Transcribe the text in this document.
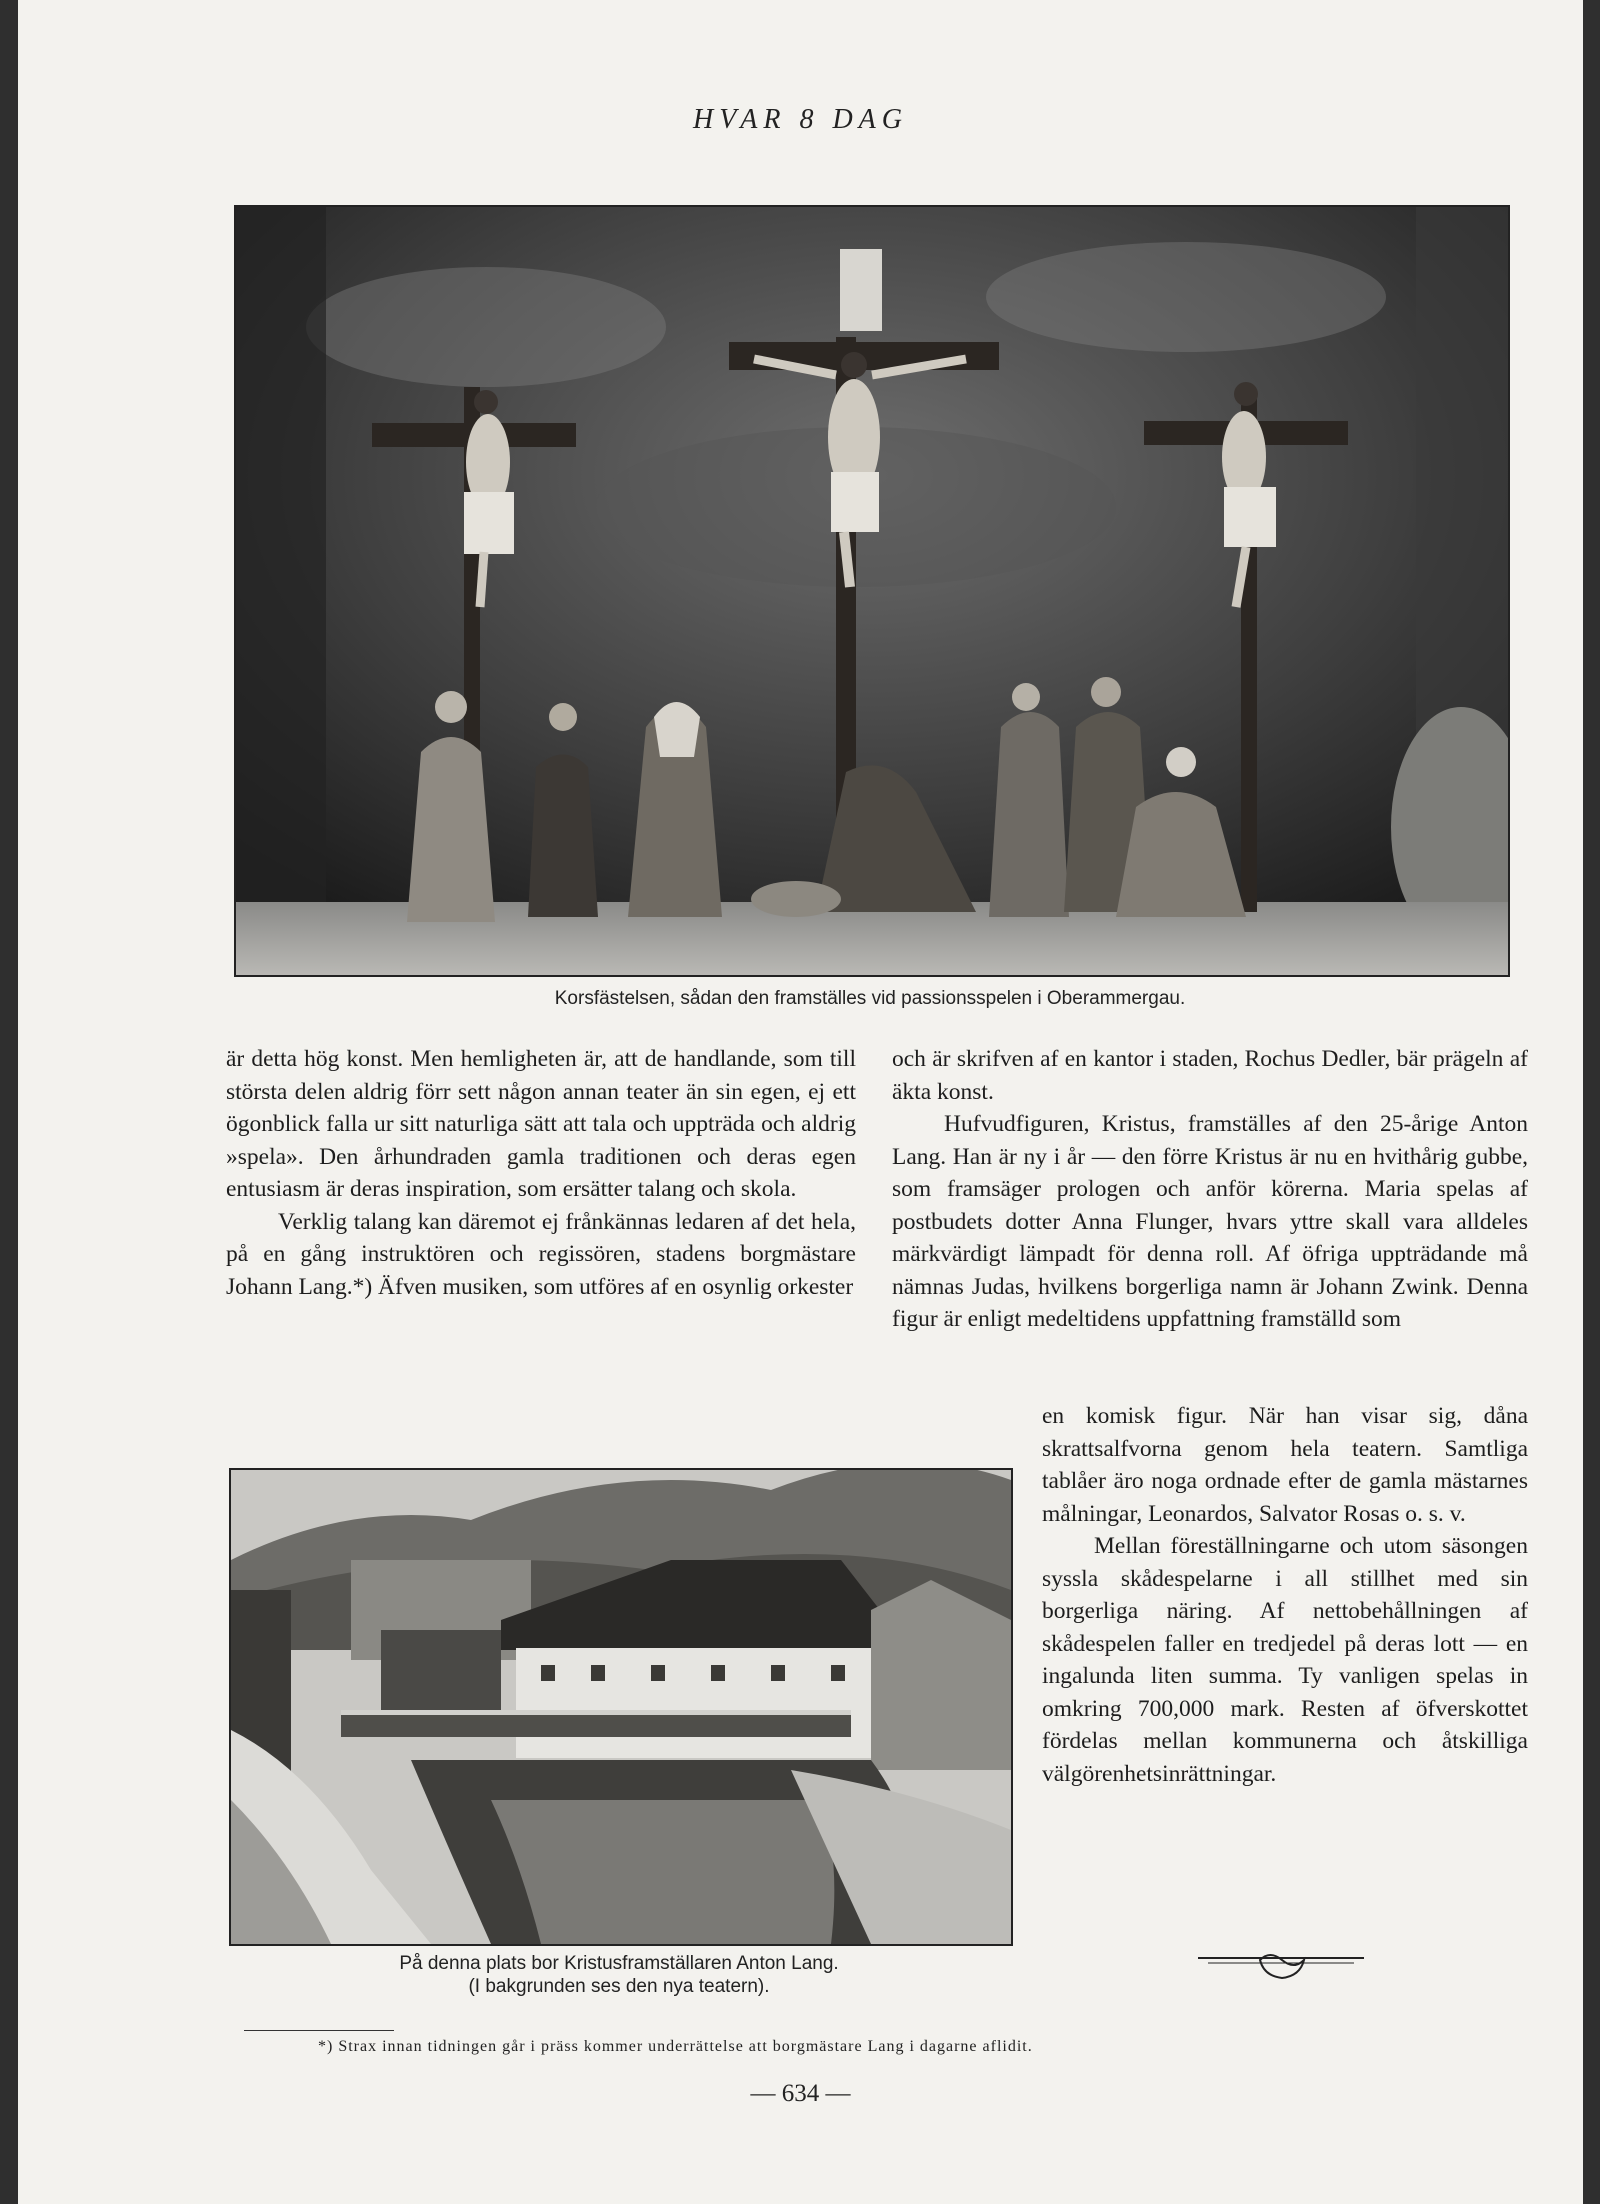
HVAR 8 DAG
Korsfästelsen, sådan den framställes vid passionsspelen i Oberammergau.

är detta hög konst. Men hemligheten är, att de handlande, som till största delen aldrig förr sett någon annan teater än sin egen, ej ett ögonblick falla ur sitt naturliga sätt att tala och uppträda och aldrig »spela». Den århundraden gamla traditionen och deras egen entusiasm är deras inspiration, som ersätter talang och skola.

Verklig talang kan däremot ej frånkännas ledaren af det hela, på en gång instruktören och regissören, stadens borgmästare Johann Lang.*) Äfven musiken, som utföres af en osynlig orkester

och är skrifven af en kantor i staden, Rochus Dedler, bär prägeln af äkta konst.

Hufvudfiguren, Kristus, framställes af den 25-årige Anton Lang. Han är ny i år — den förre Kristus är nu en hvithårig gubbe, som framsäger prologen och anför körerna. Maria spelas af postbudets dotter Anna Flunger, hvars yttre skall vara alldeles märkvärdigt lämpadt för denna roll. Af öfriga uppträdande må nämnas Judas, hvilkens borgerliga namn är Johann Zwink. Denna figur är enligt medeltidens uppfattning framställd som

en komisk figur. När han visar sig, dåna skrattsalfvorna genom hela teatern. Samtliga tablåer äro noga ordnade efter de gamla mästarnes målningar, Leonardos, Salvator Rosas o. s. v.

Mellan föreställningarne och utom säsongen syssla skådespelarne i all stillhet med sin borgerliga näring. Af nettobehållningen af skådespelen faller en tredjedel på deras lott — en ingalunda liten summa. Ty vanligen spelas in omkring 700,000 mark. Resten af öfverskottet fördelas mellan kommunerna och åtskilliga välgörenhetsinrättningar.

På denna plats bor Kristusframställaren Anton Lang.
(I bakgrunden ses den nya teatern).
*) Strax innan tidningen går i präss kommer underrättelse att borgmästare Lang i dagarne aflidit.
— 634 —
